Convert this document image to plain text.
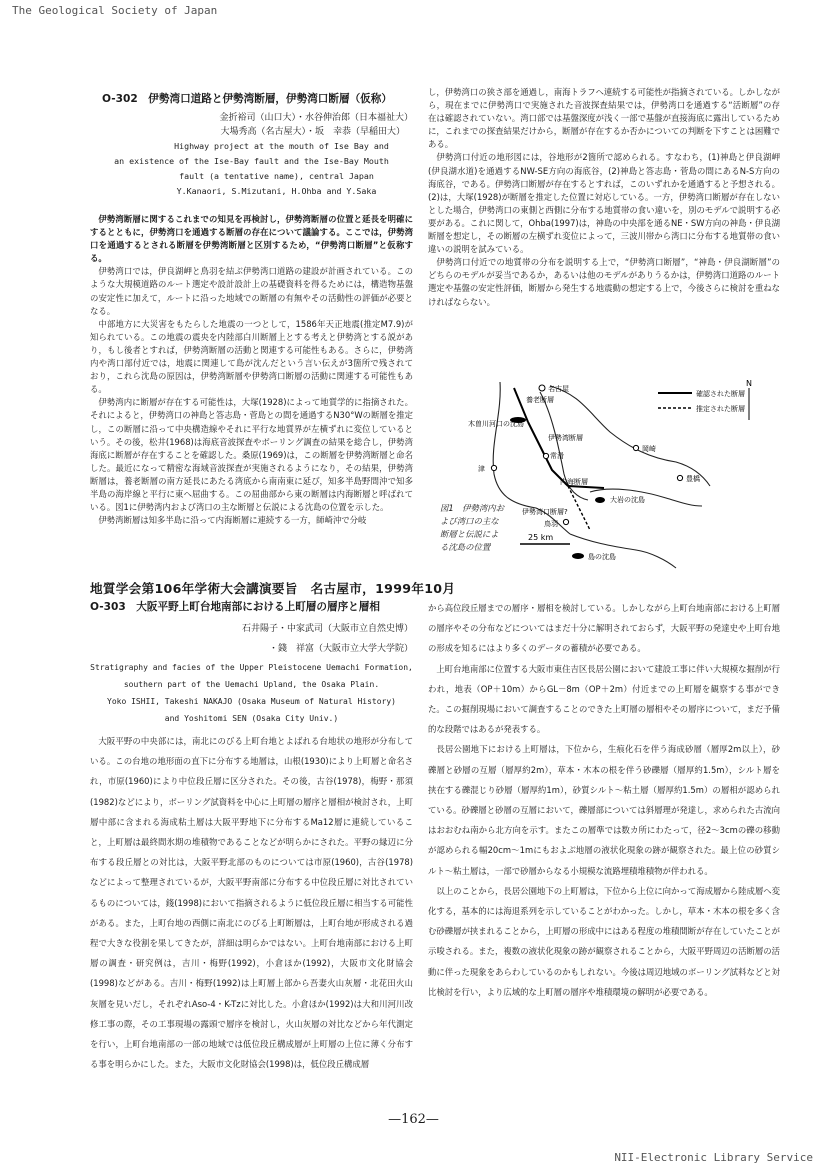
The Geological Society of Japan
O-302　伊勢湾口道路と伊勢湾断層，伊勢湾口断層（仮称）
金折裕司（山口大）・水谷伸治郎（日本福祉大）
大場秀高（名古屋大）・坂　幸恭（早稲田大）
Highway project at the mouth of Ise Bay and
an existence of the Ise-Bay fault and the Ise-Bay Mouth
fault (a tentative name), central Japan
Y.Kanaori, S.Mizutani, H.Ohba and Y.Saka

伊勢湾断層に関するこれまでの知見を再検討し，伊勢湾断層の位置と延長を明確にするとともに，伊勢湾口を通過する断層の存在について議論する。ここでは，伊勢湾口を通過するとされる断層を伊勢湾断層と区別するため，“伊勢湾口断層”と仮称する。

伊勢湾口では，伊良湖岬と鳥羽を結ぶ伊勢湾口道路の建設が計画されている。このような大規模道路のルート選定や設計設計上の基礎資料を得るためには，構造物基盤の安定性に加えて，ルートに沿った地域での断層の有無やその活動性の評価が必要となる。

中部地方に大災害をもたらした地震の一つとして，1586年天正地震(推定M7.9)が知られている。この地震の震央を内陸部白川断層上とする考えと伊勢湾とする説があり，もし後者とすれば，伊勢湾断層の活動と関連する可能性もある。さらに，伊勢湾内や湾口部付近では，地震に関連して島が沈んだという言い伝えが3箇所で残されており，これら沈島の原因は，伊勢湾断層や伊勢湾口断層の活動に関連する可能性もある。

伊勢湾内に断層が存在する可能性は，大塚(1928)によって地質学的に指摘された。それによると，伊勢湾口の神島と答志島・菅島との間を通過するN30°Wの断層を推定し，この断層に沿って中央構造線やそれに平行な地質界が左横ずれに変位しているという。その後，松井(1968)は海底音波探査やボーリング調査の結果を総合し，伊勢湾海底に断層が存在することを確認した。桑原(1969)は，この断層を伊勢湾断層と命名した。最近になって精密な海域音波探査が実施されるようになり，その結果，伊勢湾断層は，養老断層の南方延長にあたる湾底から南南東に延び，知多半島野間沖で知多半島の海岸線と平行に東へ屈曲する。この屈曲部から東の断層は内海断層と呼ばれている。図1に伊勢湾内および湾口の主な断層と伝説による沈島の位置を示した。

伊勢湾断層は知多半島に沿って内海断層に連続する一方，師崎沖で分岐

し，伊勢湾口の狭さ部を通過し，南海トラフへ連続する可能性が指摘されている。しかしながら，現在までに伊勢湾口で実施された音波探査結果では，伊勢湾口を通過する“活断層”の存在は確認されていない。湾口部では基盤深度が浅く一部で基盤が直接海底に露出しているために，これまでの探査結果だけから，断層が存在するか否かについての判断を下すことは困難である。

伊勢湾口付近の地形図には，谷地形が2箇所で認められる。すなわち，(1)神島と伊良湖岬(伊良湖水道)を通過するNW-SE方向の海底谷，(2)神島と答志島・菅島の間にあるN-S方向の海底谷，である。伊勢湾口断層が存在するとすれば，このいずれかを通過すると予想される。(2)は，大塚(1928)が断層を推定した位置に対応している。一方，伊勢湾口断層が存在しないとした場合，伊勢湾口の東側と西側に分布する地質帯の食い違いを，別のモデルで説明する必要がある。これに関して，Ohba(1997)は，神島の中央部を通るNE・SW方向の神島・伊良湖断層を想定し，その断層の左横ずれ変位によって，三波川帯から湾口に分布する地質帯の食い違いの説明を試みている。

伊勢湾口付近での地質帯の分布を説明する上で，“伊勢湾口断層”，“神島・伊良湖断層”のどちらのモデルが妥当であるか，あるいは他のモデルがありうるかは，伊勢湾口道路のルート選定や基盤の安定性評価，断層から発生する地震動の想定する上で，今後さらに検討を重ねなければならない。

名古屋
養老断層
木曽川河口の沈島
伊勢湾断層
常滑
岡崎
豊橋
津
内海断層
大岩の沈島
伊勢湾口断層?
鳥羽
島の沈島
確認された断層
推定された断層
N
25 km
図1　伊勢湾内および湾口の主な断層と伝説による沈島の位置
地質学会第106年学術大会講演要旨　名古屋市，1999年10月
O-303　大阪平野上町台地南部における上町層の層序と層相
石井陽子・中家武司（大阪市立自然史博）
・錢　祥富（大阪市立大学大学院）
Stratigraphy and facies of the Upper Pleistocene Uemachi Formation,
southern part of the Uemachi Upland, the Osaka Plain.
Yoko ISHII, Takeshi NAKAJO (Osaka Museum of Natural History)
and Yoshitomi SEN (Osaka City Univ.)

大阪平野の中央部には，南北にのびる上町台地とよばれる台地状の地形が分布している。この台地の地形面の直下に分布する地層は，山根(1930)により上町層と命名され，市原(1960)により中位段丘層に区分された。その後，古谷(1978)，梅野・那須(1982)などにより，ボーリング試資料を中心に上町層の層序と層相が検討され，上町層中部に含まれる海成粘土層は大阪平野地下に分布するMa12層に連続していること，上町層は最終間氷期の堆積物であることなどが明らかにされた。平野の縁辺に分布する段丘層との対比は，大阪平野北部のものについては市原(1960)，古谷(1978)などによって整理されているが，大阪平野南部に分布する中位段丘層に対比されているものについては，錢(1998)において指摘されるように低位段丘層に相当する可能性がある。また，上町台地の西側に南北にのびる上町断層は，上町台地が形成される過程で大きな役割を果してきたが，詳細は明らかではない。上町台地南部における上町層の調査・研究例は，吉川・梅野(1992)，小倉ほか(1992)，大阪市文化財協会(1998)などがある。吉川・梅野(1992)は上町層上部から吾妻火山灰層・北花田火山灰層を見いだし，それぞれAso-4・K-Tzに対比した。小倉ほか(1992)は大和川河川改修工事の際，その工事現場の露頭で層序を検討し，火山灰層の対比などから年代測定を行い，上町台地南部の一部の地域では低位段丘構成層が上町層の上位に薄く分布する事を明らかにした。また，大阪市文化財協会(1998)は，低位段丘構成層

から高位段丘層までの層序・層相を検討している。しかしながら上町台地南部における上町層の層序やその分布などについてはまだ十分に解明されておらず，大阪平野の発達史や上町台地の形成を知るにはより多くのデータの蓄積が必要である。

上町台地南部に位置する大阪市東住吉区長居公園において建設工事に伴い大規模な掘削が行われ，地表（OP＋10m）からGL－8m（OP＋2m）付近までの上町層を観察する事ができた。この掘削現場において調査することのできた上町層の層相やその層序について，まだ予備的な段階ではあるが発表する。

長居公園地下における上町層は，下位から，生痕化石を伴う海成砂層（層厚2m以上），砂礫層と砂層の互層（層厚約2m），草本・木本の根を伴う砂礫層（層厚約1.5m），シルト層を挟在する礫混じり砂層（層厚約1m），砂質シルト〜粘土層（層厚約1.5m）の層相が認められている。砂礫層と砂層の互層において，礫層部については斜層理が発達し，求められた古流向はおおむね南から北方向を示す。またこの層準では数カ所にわたって，径2〜3cmの礫の移動が認められる幅20cm〜1mにもおよぶ地層の液状化現象の跡が観察された。最上位の砂質シルト〜粘土層は，一部で砂層からなる小規模な流路埋積堆積物が伴われる。

以上のことから，長居公園地下の上町層は，下位から上位に向かって海成層から陸成層へ変化する，基本的には海退系列を示していることがわかった。しかし，草本・木本の根を多く含む砂礫層が挟まれることから，上町層の形成中にはある程度の堆積間断が存在していたことが示唆される。また，複数の液状化現象の跡が観察されることから，大阪平野周辺の活断層の活動に伴った現象をあらわしているのかもしれない。今後は周辺地域のボーリング試料などと対比検討を行い，より広域的な上町層の層序や堆積環境の解明が必要である。

—162—
NII-Electronic Library Service
